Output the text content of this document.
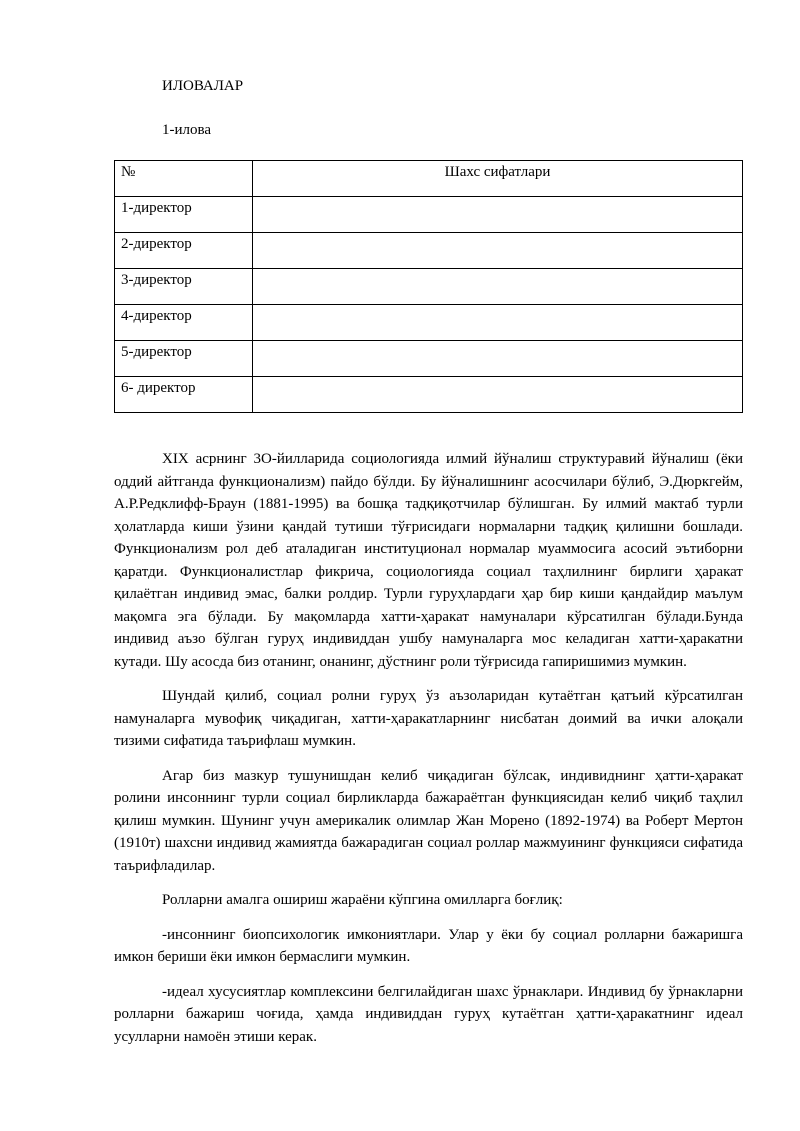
ИЛОВАЛАР
1-илова
№	Шахс сифатлари
1-директор	
2-директор	
3-директор	
4-директор	
5-директор	
6- директор	

XIX асрнинг 3О-йилларида социологияда илмий йўналиш структуравий йўналиш (ёки оддий айтганда функционализм) пайдо бўлди. Бу йўналишнинг асосчилари бўлиб, Э.Дюркгейм, А.Р.Редклифф-Браун (1881-1995) ва бошқа тадқиқотчилар бўлишган. Бу илмий мактаб турли ҳолатларда киши ўзини қандай тутиши тўғрисидаги нормаларни тадқиқ қилишни бошлади. Функционализм рол деб аталадиган институционал нормалар муаммосига асосий эътиборни қаратди. Функционалистлар фикрича, социологияда социал таҳлилнинг бирлиги ҳаракат қилаётган индивид эмас, балки ролдир. Турли гуруҳлардаги ҳар бир киши қандайдир маълум мақомга эга бўлади. Бу мақомларда хатти-ҳаракат намуналари кўрсатилган бўлади.Бунда индивид аъзо бўлган гуруҳ индивиддан ушбу намуналарга мос келадиган хатти-ҳаракатни кутади. Шу асосда биз отанинг, онанинг, дўстнинг роли тўғрисида гапиришимиз мумкин.

Шундай қилиб, социал ролни гуруҳ ўз аъзоларидан кутаётган қатъий кўрсатилган намуналарга мувофиқ чиқадиган, хатти-ҳаракатларнинг нисбатан доимий ва ички алоқали тизими сифатида таърифлаш мумкин.

Агар биз мазкур тушунишдан келиб чиқадиган бўлсак, индивиднинг ҳатти-ҳаракат ролини инсоннинг турли социал бирликларда бажараётган функциясидан келиб чиқиб таҳлил қилиш мумкин. Шунинг учун америкалик олимлар Жан Морено (1892-1974) ва Роберт Мертон (1910т) шахсни индивид жамиятда бажарадиган социал роллар мажмуининг функцияси сифатида таърифладилар.

Ролларни амалга ошириш жараёни кўпгина омилларга боғлиқ:

-инсоннинг биопсихологик имкониятлари. Улар у ёки бу социал ролларни бажаришга имкон бериши ёки имкон бермаслиги мумкин.

-идеал хусусиятлар комплексини белгилайдиган шахс ўрнаклари. Индивид бу ўрнакларни ролларни бажариш чоғида, ҳамда индивиддан гуруҳ кутаётган ҳатти-ҳаракатнинг идеал усулларни намоён этиши керак.
